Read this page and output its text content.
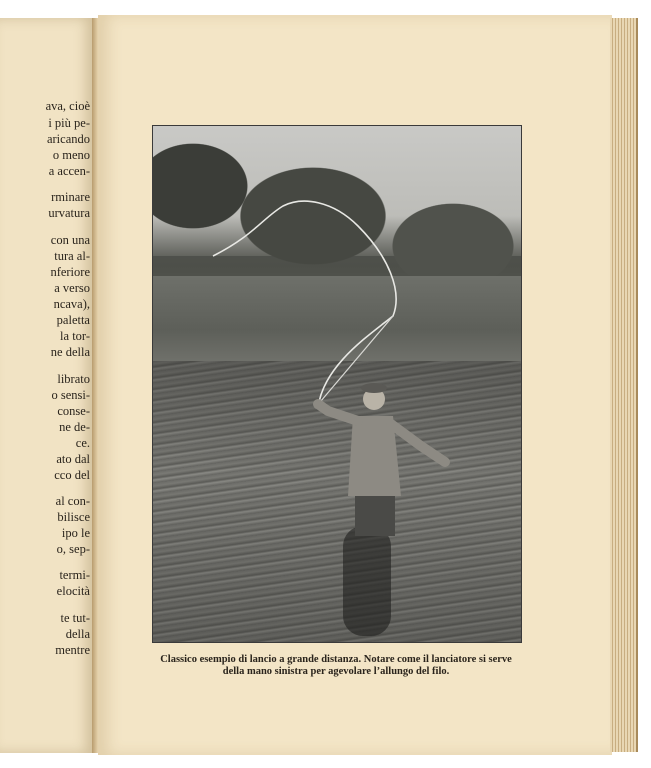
ava, cioè
i più pe-
aricando
o meno
a accen-
rminare
urvatura
con una
tura al-
nferiore
a verso
ncava),
paletta
la tor-
ne della
librato
o sensi-
conse-
ne de-
ce.
ato dal
cco del
al con-
bilisce
ipo le
o, sep-
termi-
elocità
te tut-
della
mentre
Classico esempio di lancio a grande distanza. Notare come il lanciatore si serve
della mano sinistra per agevolare l’allungo del filo.
